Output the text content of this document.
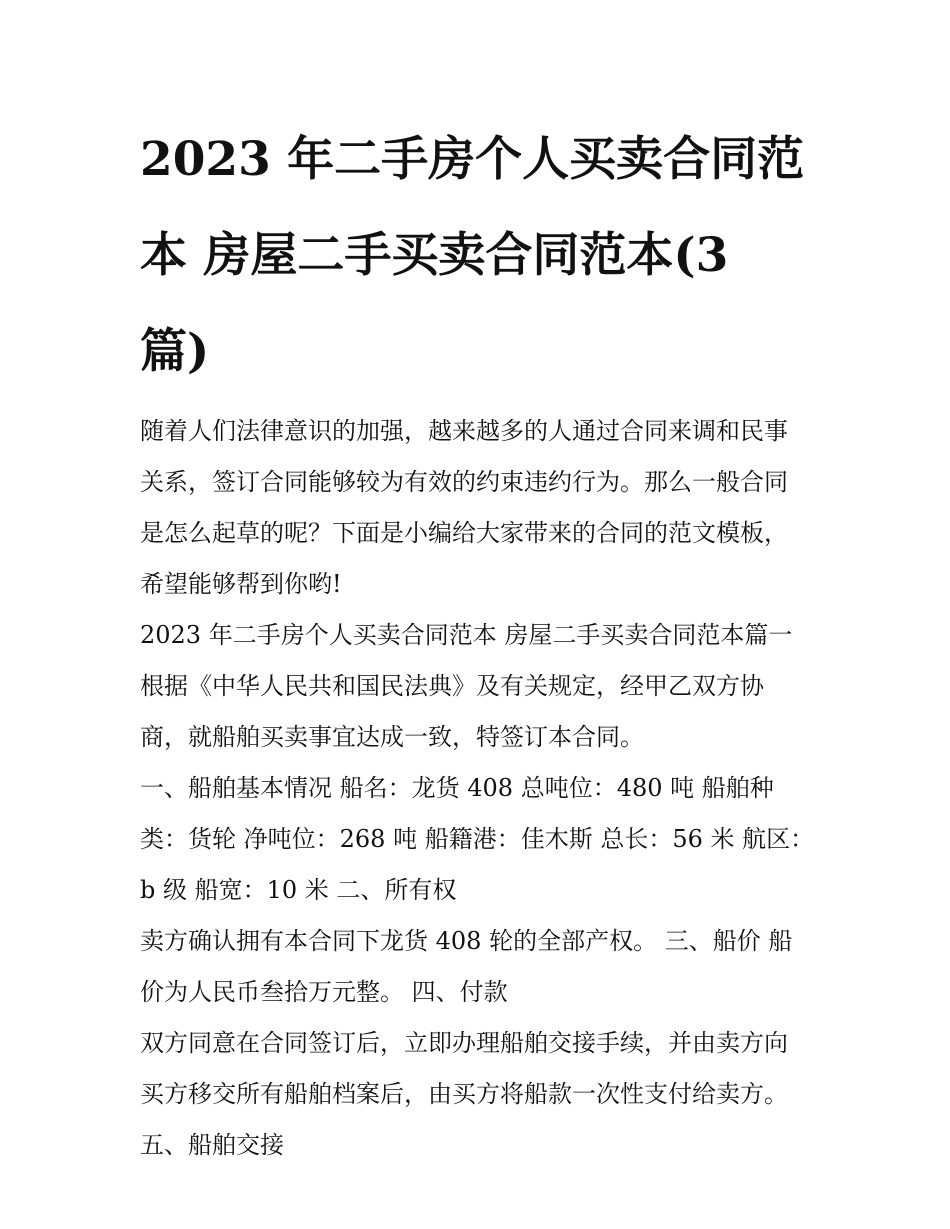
2023 年二手房个人买卖合同范
本 房屋二手买卖合同范本(3
篇)

随着人们法律意识的加强，越来越多的人通过合同来调和民事

关系，签订合同能够较为有效的约束违约行为。那么一般合同

是怎么起草的呢？下面是小编给大家带来的合同的范文模板，

希望能够帮到你哟!

2023 年二手房个人买卖合同范本 房屋二手买卖合同范本篇一

根据《中华人民共和国民法典》及有关规定，经甲乙双方协

商，就船舶买卖事宜达成一致，特签订本合同。

一、船舶基本情况 船名：龙货 408 总吨位：480 吨 船舶种

类：货轮 净吨位：268 吨 船籍港：佳木斯 总长：56 米 航区：

b 级 船宽：10 米 二、所有权

卖方确认拥有本合同下龙货 408 轮的全部产权。 三、船价 船

价为人民币叁拾万元整。 四、付款

双方同意在合同签订后，立即办理船舶交接手续，并由卖方向

买方移交所有船舶档案后，由买方将船款一次性支付给卖方。

五、船舶交接
